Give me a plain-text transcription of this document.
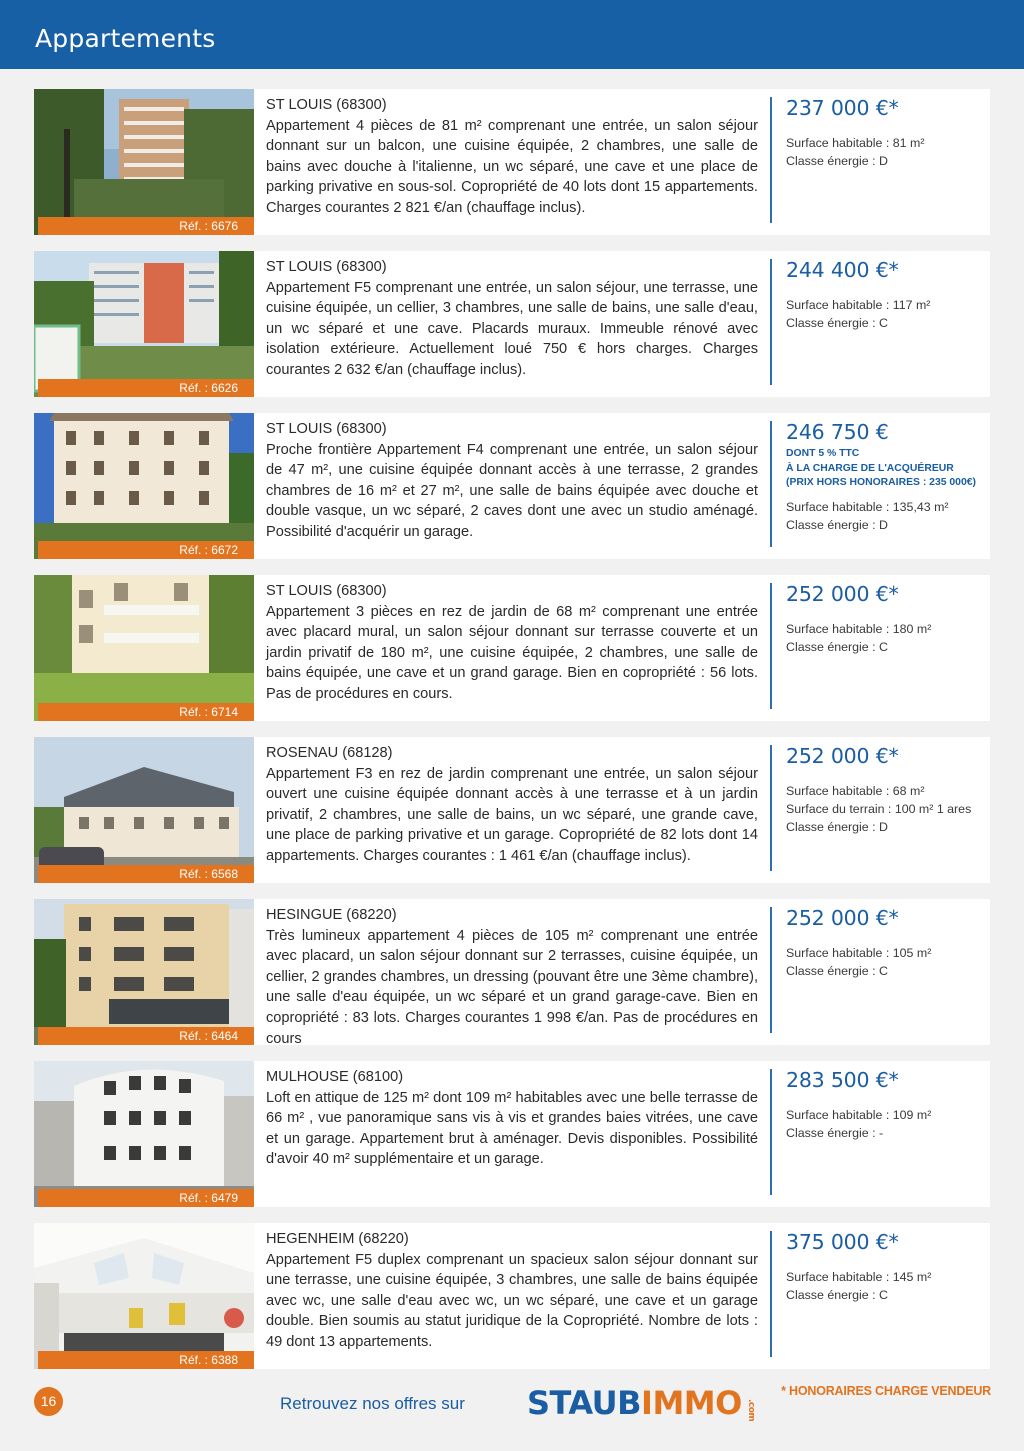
Appartements
Réf. : 6676
ST LOUIS (68300)
Appartement 4 pièces de 81 m² comprenant une entrée, un salon séjour donnant sur un balcon, une cuisine équipée, 2 chambres, une salle de bains avec douche à l'italienne, un wc séparé, une cave et une place de parking privative en sous-sol. Copropriété de 40 lots dont 15 appartements. Charges courantes 2 821 €/an (chauffage inclus).
237 000 €*
Surface habitable : 81 m²
Classe énergie : D
Réf. : 6626
ST LOUIS (68300)
Appartement F5 comprenant une entrée, un salon séjour, une terrasse, une cuisine équipée, un cellier, 3 chambres, une salle de bains, une salle d'eau, un wc séparé et une cave. Placards muraux. Immeuble rénové avec isolation extérieure. Actuellement loué 750 € hors charges. Charges courantes 2 632 €/an (chauffage inclus).
244 400 €*
Surface habitable : 117 m²
Classe énergie : C
Réf. : 6672
ST LOUIS (68300)
Proche frontière Appartement F4 comprenant une entrée, un salon séjour de 47 m², une cuisine équipée donnant accès à une terrasse, 2 grandes chambres de 16 m² et 27 m², une salle de bains équipée avec douche et double vasque, un wc séparé, 2 caves dont une avec un studio aménagé. Possibilité d'acquérir un garage.
246 750 €
DONT 5 % TTC
À LA CHARGE DE L'ACQUÉREUR
(PRIX HORS HONORAIRES : 235 000€)
Surface habitable : 135,43 m²
Classe énergie : D
Réf. : 6714
ST LOUIS (68300)
Appartement 3 pièces en rez de jardin de 68 m² comprenant une entrée avec placard mural, un salon séjour donnant sur terrasse couverte et un jardin privatif de 180 m², une cuisine équipée, 2 chambres, une salle de bains équipée, une cave et un grand garage. Bien en copropriété : 56 lots. Pas de procédures en cours.
252 000 €*
Surface habitable : 180 m²
Classe énergie : C
Réf. : 6568
ROSENAU (68128)
Appartement F3 en rez de jardin comprenant une entrée, un salon séjour ouvert une cuisine équipée donnant accès à une terrasse et à un jardin privatif, 2 chambres, une salle de bains, un wc séparé, une grande cave, une place de parking privative et un garage. Copropriété de 82 lots dont 14 appartements. Charges courantes : 1 461 €/an (chauffage inclus).
252 000 €*
Surface habitable : 68 m²
Surface du terrain : 100 m² 1 ares
Classe énergie : D
Réf. : 6464
HESINGUE (68220)
Très lumineux appartement 4 pièces de 105 m² comprenant une entrée avec placard, un salon séjour donnant sur 2 terrasses, cuisine équipée, un cellier, 2 grandes chambres, un dressing (pouvant être une 3ème chambre), une salle d'eau équipée, un wc séparé et un grand garage-cave. Bien en copropriété : 83 lots. Charges courantes 1 998 €/an. Pas de procédures en cours
252 000 €*
Surface habitable : 105 m²
Classe énergie : C
Réf. : 6479
MULHOUSE (68100)
Loft en attique de 125 m² dont 109 m² habitables avec une belle terrasse de 66 m² , vue panoramique sans vis à vis et grandes baies vitrées, une cave et un garage. Appartement brut à aménager. Devis disponibles. Possibilité d'avoir 40 m² supplémentaire et un garage.
283 500 €*
Surface habitable : 109 m²
Classe énergie : -
Réf. : 6388
HEGENHEIM (68220)
Appartement F5 duplex comprenant un spacieux salon séjour donnant sur une terrasse, une cuisine équipée, 3 chambres, une salle de bains équipée avec wc, une salle d'eau avec wc, un wc séparé, une cave et un garage double. Bien soumis au statut juridique de la Copropriété. Nombre de lots : 49 dont 13 appartements.
375 000 €*
Surface habitable : 145 m²
Classe énergie : C
16	Retrouvez nos offres sur STAUBIMMO .com
* HONORAIRES CHARGE VENDEUR
